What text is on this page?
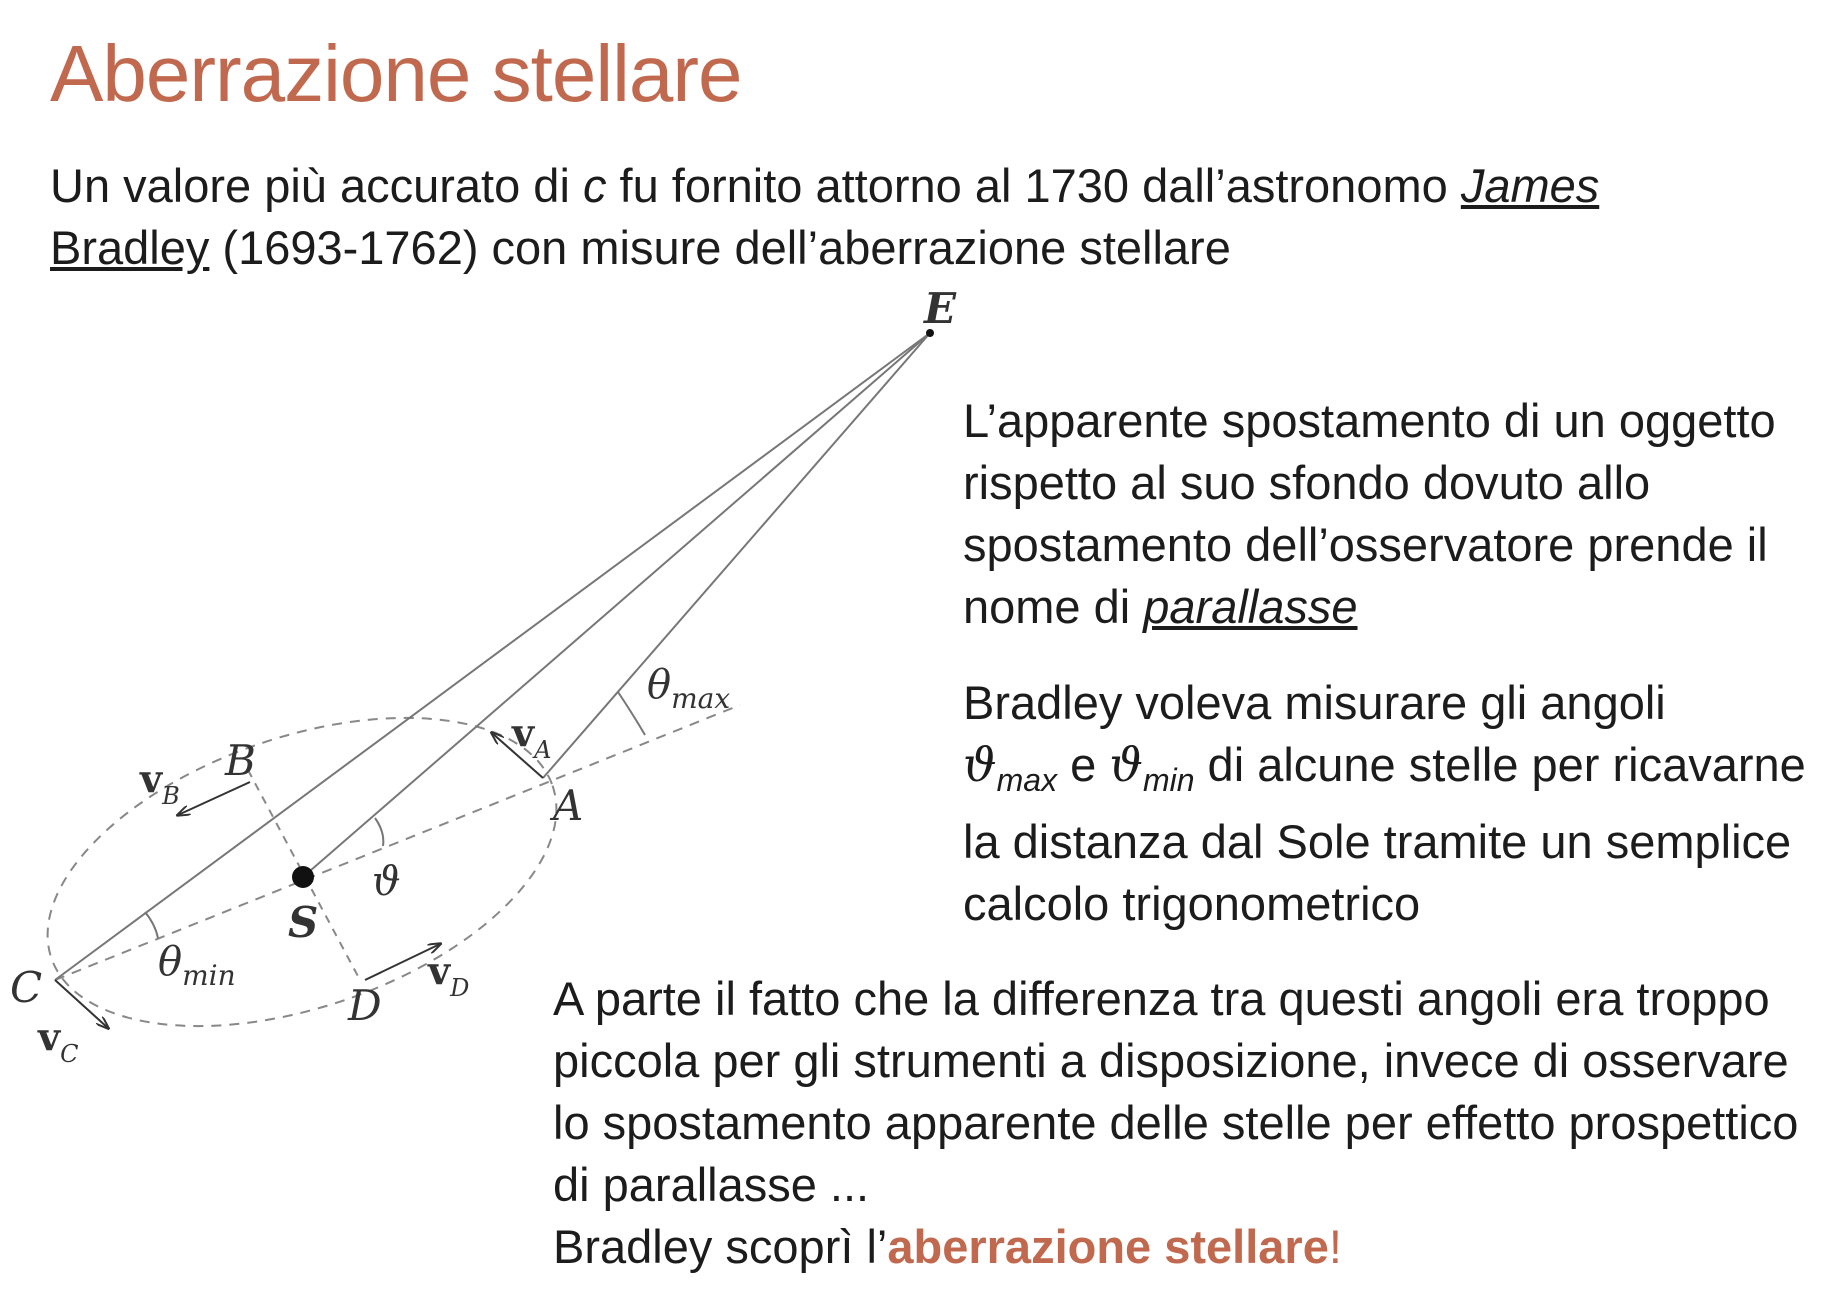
Aberrazione stellare

Un valore più accurato di c fu fornito attorno al 1730 dall’astronomo James
Bradley (1693-1762) con misure dell’aberrazione stellare

L’apparente spostamento di un oggetto rispetto al suo sfondo dovuto allo spostamento dell’osservatore prende il nome di parallasse

Bradley voleva misurare gli angoli
$ϑ_{max}$ e $ϑ_{min}$ di alcune stelle per ricavarne la distanza dal Sole tramite un semplice calcolo trigonometrico

A parte il fatto che la differenza tra questi angoli era troppo piccola per gli strumenti a disposizione, invece di osservare lo spostamento apparente delle stelle per effetto prospettico di parallasse ...
Bradley scoprì l’aberrazione stellare!

E
S
A
B
C	D
vA
vB
vC
vD
θmax
ϑ
θmin
